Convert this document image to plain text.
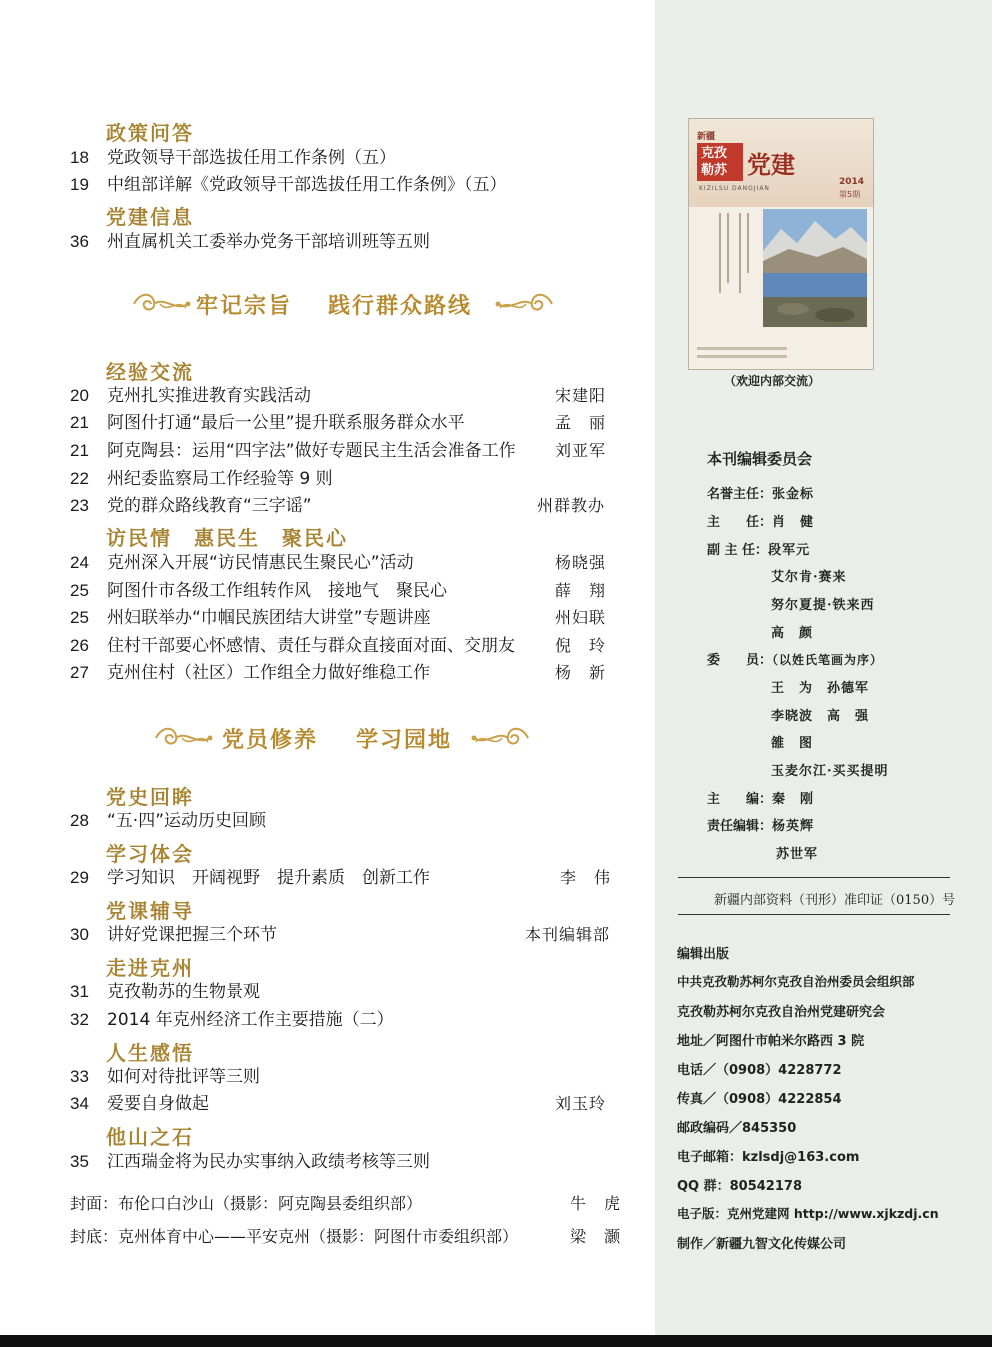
政策问答
18	党政领导干部选拔任用工作条例（五）
19	中组部详解《党政领导干部选拔任用工作条例》（五）
党建信息
36	州直属机关工委举办党务干部培训班等五则
牢记宗旨 践行群众路线
经验交流
20	克州扎实推进教育实践活动	宋建阳
21	阿图什打通“最后一公里”提升联系服务群众水平	孟　丽
21	阿克陶县：运用“四字法”做好专题民主生活会准备工作 刘亚军
22	州纪委监察局工作经验等 9 则
23	党的群众路线教育“三字谣”	州群教办
访民情　惠民生　聚民心
24	克州深入开展“访民情惠民生聚民心”活动	杨晓强
25	阿图什市各级工作组转作风　接地气　聚民心	薛　翔
25	州妇联举办“巾帼民族团结大讲堂”专题讲座	州妇联
26	住村干部要心怀感情、责任与群众直接面对面、交朋友	倪　玲
27	克州住村（社区）工作组全力做好维稳工作	杨　新
党员修养 学习园地
党史回眸
28	“五·四”运动历史回顾
学习体会
29	学习知识　开阔视野　提升素质　创新工作	李　伟
党课辅导
30	讲好党课把握三个环节	本刊编辑部
走进克州
31	克孜勒苏的生物景观
32	2014 年克州经济工作主要措施（二）
人生感悟
33	如何对待批评等三则
34	爱要自身做起	刘玉玲
他山之石
35	江西瑞金将为民办实事纳入政绩考核等三则
封面：布伦口白沙山（摄影：阿克陶县委组织部）	牛　虎
封底：克州体育中心——平安克州（摄影：阿图什市委组织部）	梁　灏
新疆
克孜
勒苏 党建
KIZILSU DANGJIAN
2014
第5期
（欢迎内部交流）
本刊编辑委员会
名誉主任：张金标
主　　任：肖　健
副 主 任：段军元
艾尔肯·赛来
努尔夏提·铁来西
高　颜
委　　员：（以姓氏笔画为序）
王　为　孙德军
李晓波　高　强
雒　图
玉麦尔江·买买提明
主　　编：秦　刚
责任编辑：杨英辉
苏世军
新疆内部资料（刊形）准印证（0150）号
编辑出版
中共克孜勒苏柯尔克孜自治州委员会组织部
克孜勒苏柯尔克孜自治州党建研究会
地址／阿图什市帕米尔路西 3 院
电话／（0908）4228772
传真／（0908）4222854
邮政编码／845350
电子邮箱：kzlsdj@163.com
QQ 群：80542178
电子版：克州党建网 http://www.xjkzdj.cn
制作／新疆九智文化传媒公司
